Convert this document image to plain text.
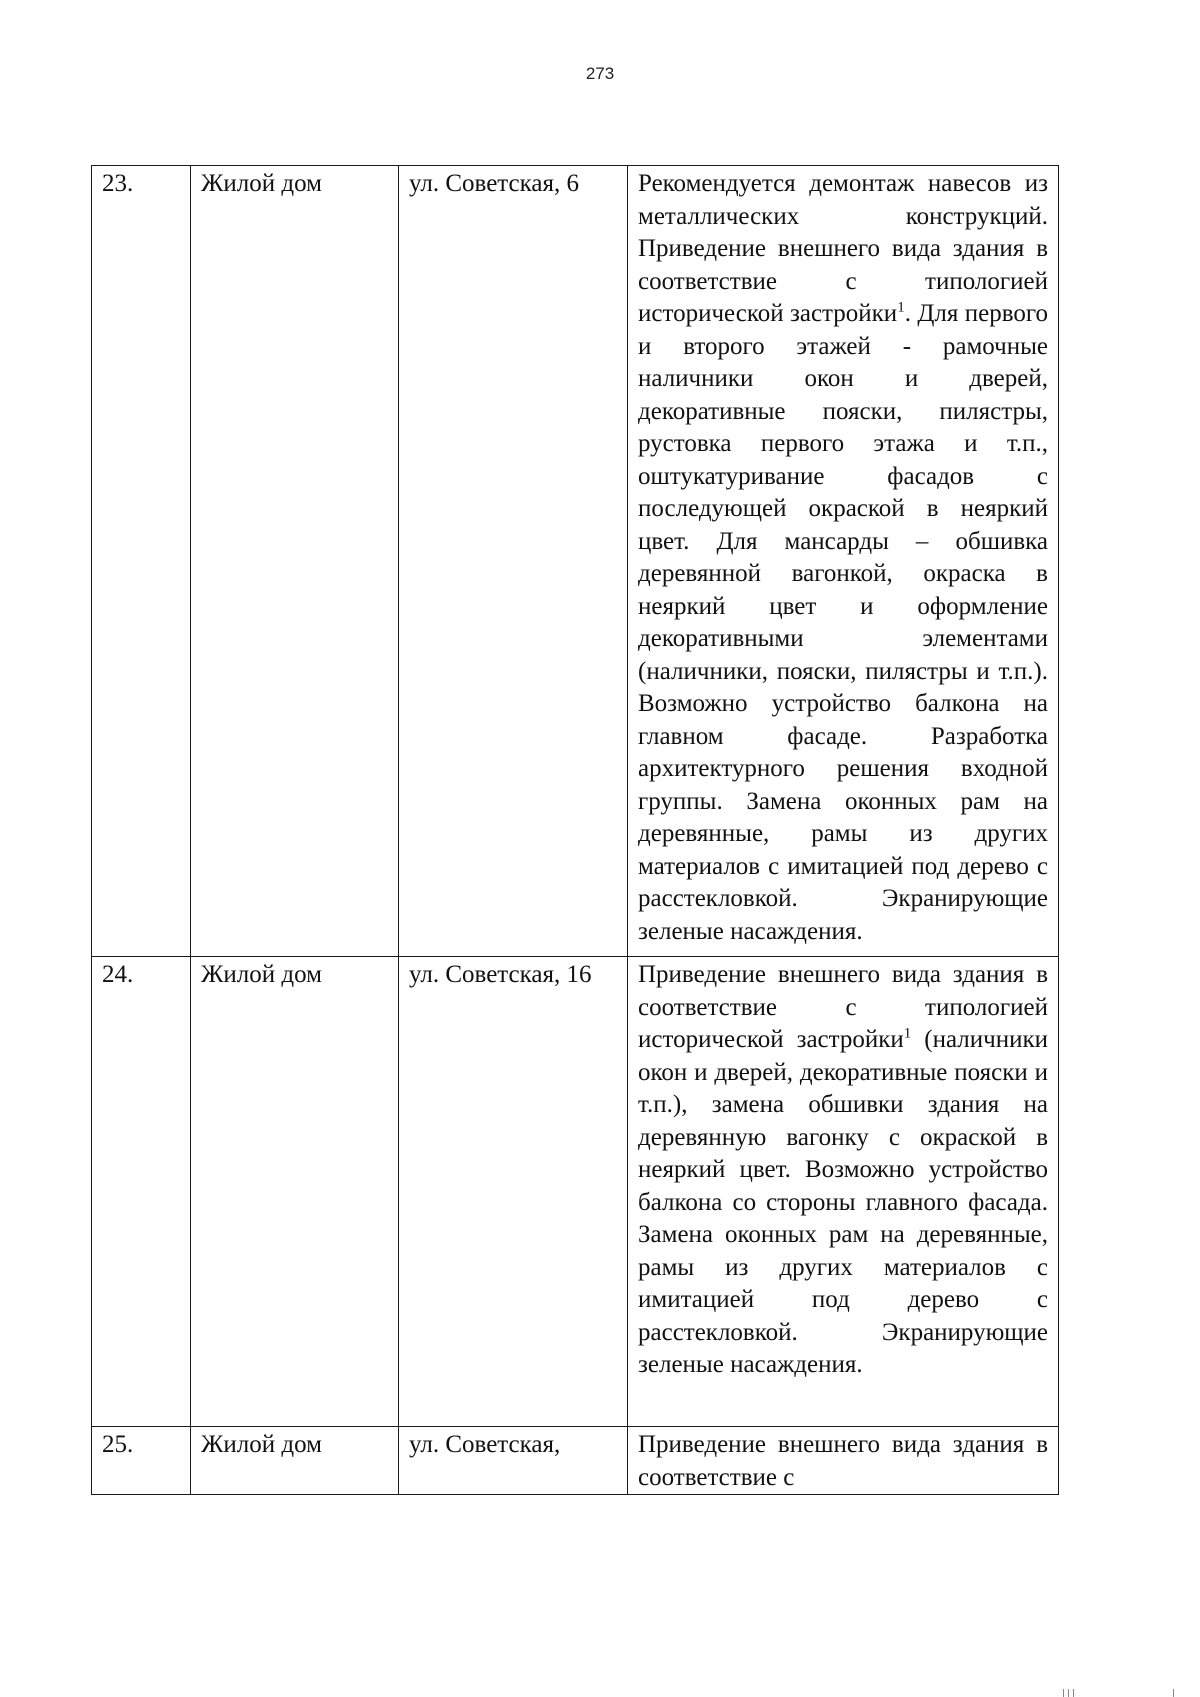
273
23.	Жилой дом	ул. Советская, 6	Рекомендуется демонтаж навесов из металлических конструкций. Приведение внешнего вида здания в соответствие с типологией исторической застройки$^1$. Для первого и второго этажей - рамочные наличники окон и дверей, декоративные пояски, пилястры, рустовка первого этажа и т.п., оштукатуривание фасадов с последующей окраской в неяркий цвет. Для мансарды – обшивка деревянной вагонкой, окраска в неяркий цвет и оформление декоративными элементами (наличники, пояски, пилястры и т.п.). Возможно устройство балкона на главном фасаде. Разработка архитектурного решения входной группы. Замена оконных рам на деревянные, рамы из других материалов с имитацией под дерево с расстекловкой. Экранирующие зеленые насаждения.
24.	Жилой дом	ул. Советская, 16	Приведение внешнего вида здания в соответствие с типологией исторической застройки$^1$ (наличники окон и дверей, декоративные пояски и т.п.), замена обшивки здания на деревянную вагонку с окраской в неяркий цвет. Возможно устройство балкона со стороны главного фасада. Замена оконных рам на деревянные, рамы из других материалов с имитацией под дерево с расстекловкой. Экранирующие зеленые насаждения.
25.	Жилой дом	ул. Советская,	Приведение внешнего вида здания в соответствие с
